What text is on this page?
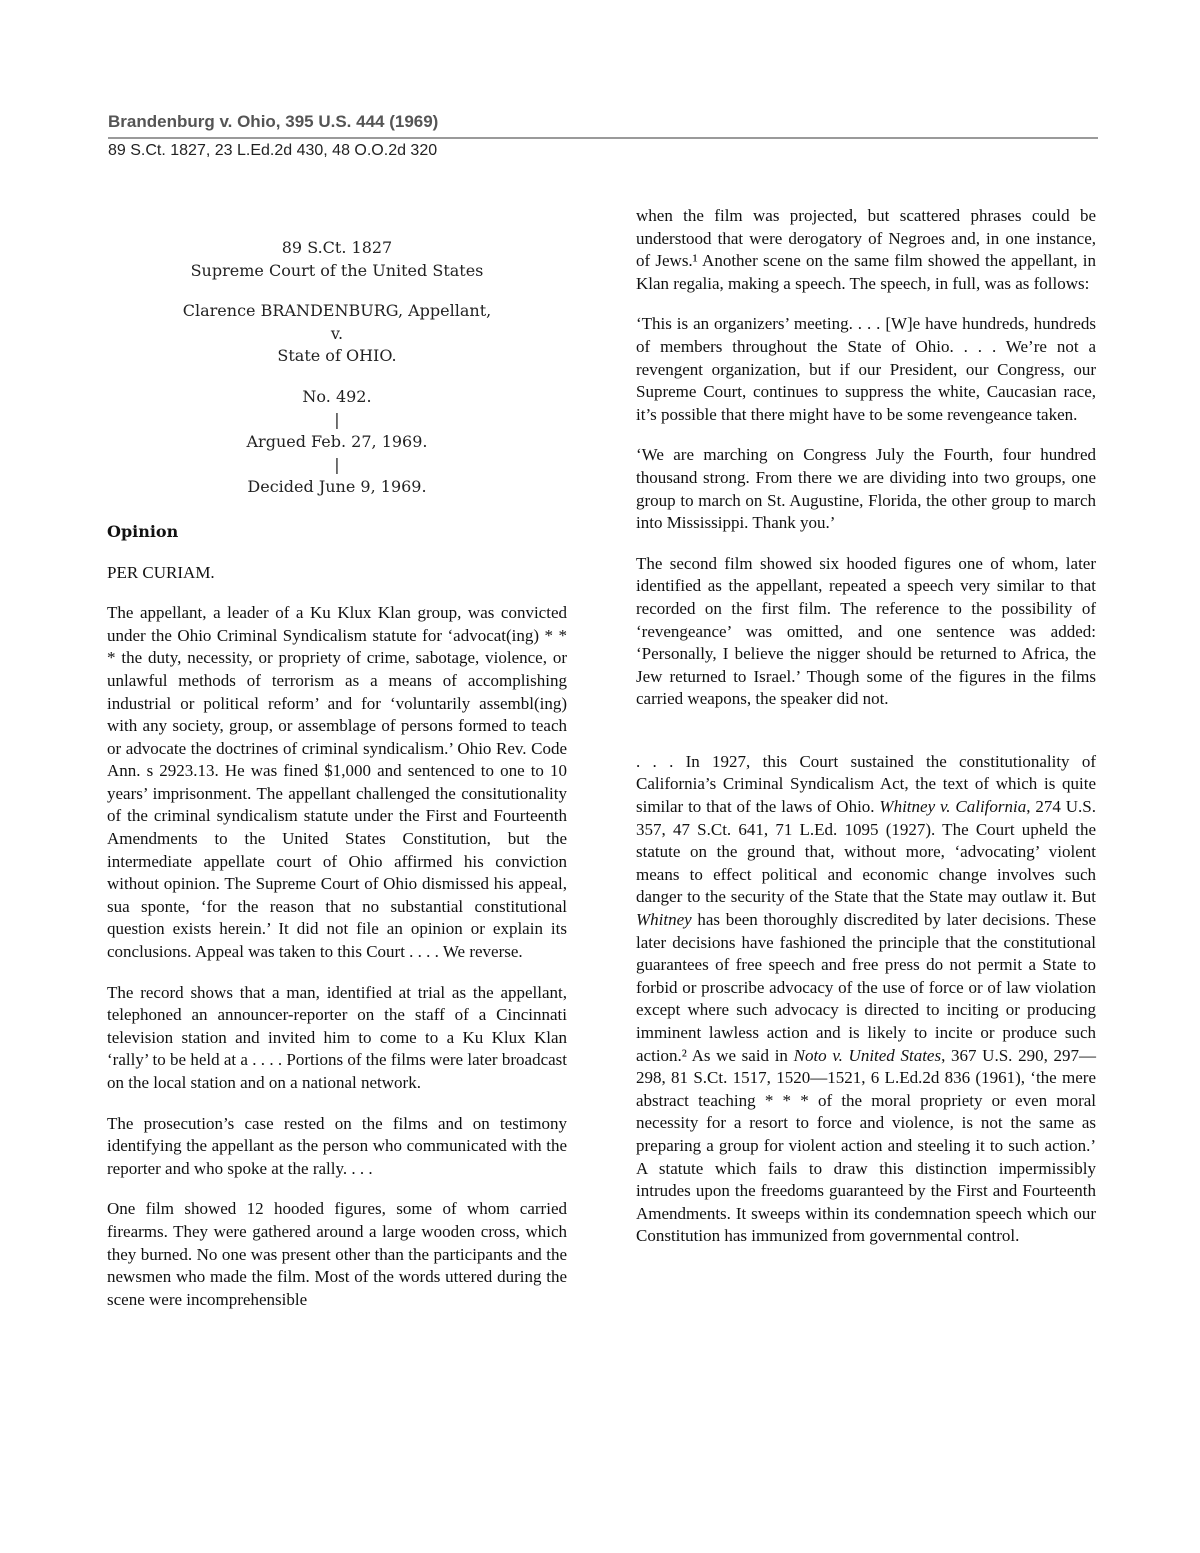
Brandenburg v. Ohio, 395 U.S. 444 (1969)
89 S.Ct. 1827, 23 L.Ed.2d 430, 48 O.O.2d 320
89 S.Ct. 1827
Supreme Court of the United States
Clarence BRANDENBURG, Appellant,
v.
State of OHIO.
No. 492.
|
Argued Feb. 27, 1969.
|
Decided June 9, 1969.
Opinion

PER CURIAM.

The appellant, a leader of a Ku Klux Klan group, was convicted under the Ohio Criminal Syndicalism statute for ‘advocat(ing) * * * the duty, necessity, or propriety of crime, sabotage, violence, or unlawful methods of terrorism as a means of accomplishing industrial or political reform’ and for ‘voluntarily assembl(ing) with any society, group, or assemblage of persons formed to teach or advocate the doctrines of criminal syndicalism.’ Ohio Rev. Code Ann. s 2923.13. He was fined $1,000 and sentenced to one to 10 years’ imprisonment. The appellant challenged the consitutionality of the criminal syndicalism statute under the First and Fourteenth Amendments to the United States Constitution, but the intermediate appellate court of Ohio affirmed his conviction without opinion. The Supreme Court of Ohio dismissed his appeal, sua sponte, ‘for the reason that no substantial constitutional question exists herein.’ It did not file an opinion or explain its conclusions. Appeal was taken to this Court . . . . We reverse.

The record shows that a man, identified at trial as the appellant, telephoned an announcer-reporter on the staff of a Cincinnati television station and invited him to come to a Ku Klux Klan ‘rally’ to be held at a . . . . Portions of the films were later broadcast on the local station and on a national network.

The prosecution’s case rested on the films and on testimony identifying the appellant as the person who communicated with the reporter and who spoke at the rally. . . .

One film showed 12 hooded figures, some of whom carried firearms. They were gathered around a large wooden cross, which they burned. No one was present other than the participants and the newsmen who made the film. Most of the words uttered during the scene were incomprehensible

when the film was projected, but scattered phrases could be understood that were derogatory of Negroes and, in one instance, of Jews.¹ Another scene on the same film showed the appellant, in Klan regalia, making a speech. The speech, in full, was as follows:

‘This is an organizers’ meeting. . . . [W]e have hundreds, hundreds of members throughout the State of Ohio. . . . We’re not a revengent organization, but if our President, our Congress, our Supreme Court, continues to suppress the white, Caucasian race, it’s possible that there might have to be some revengeance taken.

‘We are marching on Congress July the Fourth, four hundred thousand strong. From there we are dividing into two groups, one group to march on St. Augustine, Florida, the other group to march into Mississippi. Thank you.’

The second film showed six hooded figures one of whom, later identified as the appellant, repeated a speech very similar to that recorded on the first film. The reference to the possibility of ‘revengeance’ was omitted, and one sentence was added: ‘Personally, I believe the nigger should be returned to Africa, the Jew returned to Israel.’ Though some of the figures in the films carried weapons, the speaker did not.

. . . In 1927, this Court sustained the constitutionality of California’s Criminal Syndicalism Act, the text of which is quite similar to that of the laws of Ohio. Whitney v. California, 274 U.S. 357, 47 S.Ct. 641, 71 L.Ed. 1095 (1927). The Court upheld the statute on the ground that, without more, ‘advocating’ violent means to effect political and economic change involves such danger to the security of the State that the State may outlaw it. But Whitney has been thoroughly discredited by later decisions. These later decisions have fashioned the principle that the constitutional guarantees of free speech and free press do not permit a State to forbid or proscribe advocacy of the use of force or of law violation except where such advocacy is directed to inciting or producing imminent lawless action and is likely to incite or produce such action.² As we said in Noto v. United States, 367 U.S. 290, 297—298, 81 S.Ct. 1517, 1520—1521, 6 L.Ed.2d 836 (1961), ‘the mere abstract teaching * * * of the moral propriety or even moral necessity for a resort to force and violence, is not the same as preparing a group for violent action and steeling it to such action.’ A statute which fails to draw this distinction impermissibly intrudes upon the freedoms guaranteed by the First and Fourteenth Amendments. It sweeps within its condemnation speech which our Constitution has immunized from governmental control.
